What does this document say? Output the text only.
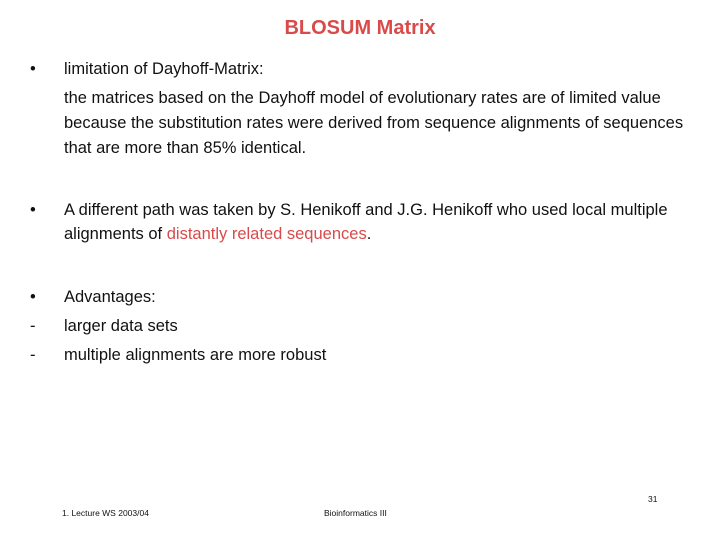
BLOSUM Matrix
•	limitation of Dayhoff-Matrix:
the matrices based on the Dayhoff model of evolutionary rates are of limited value because the substitution rates were derived from sequence alignments of sequences that are more than 85% identical.
•	A different path was taken by S. Henikoff and J.G. Henikoff who used local multiple alignments of distantly related sequences.
•	Advantages:
-	larger data sets
-	multiple alignments are more robust
1. Lecture WS 2003/04	Bioinformatics III
31
